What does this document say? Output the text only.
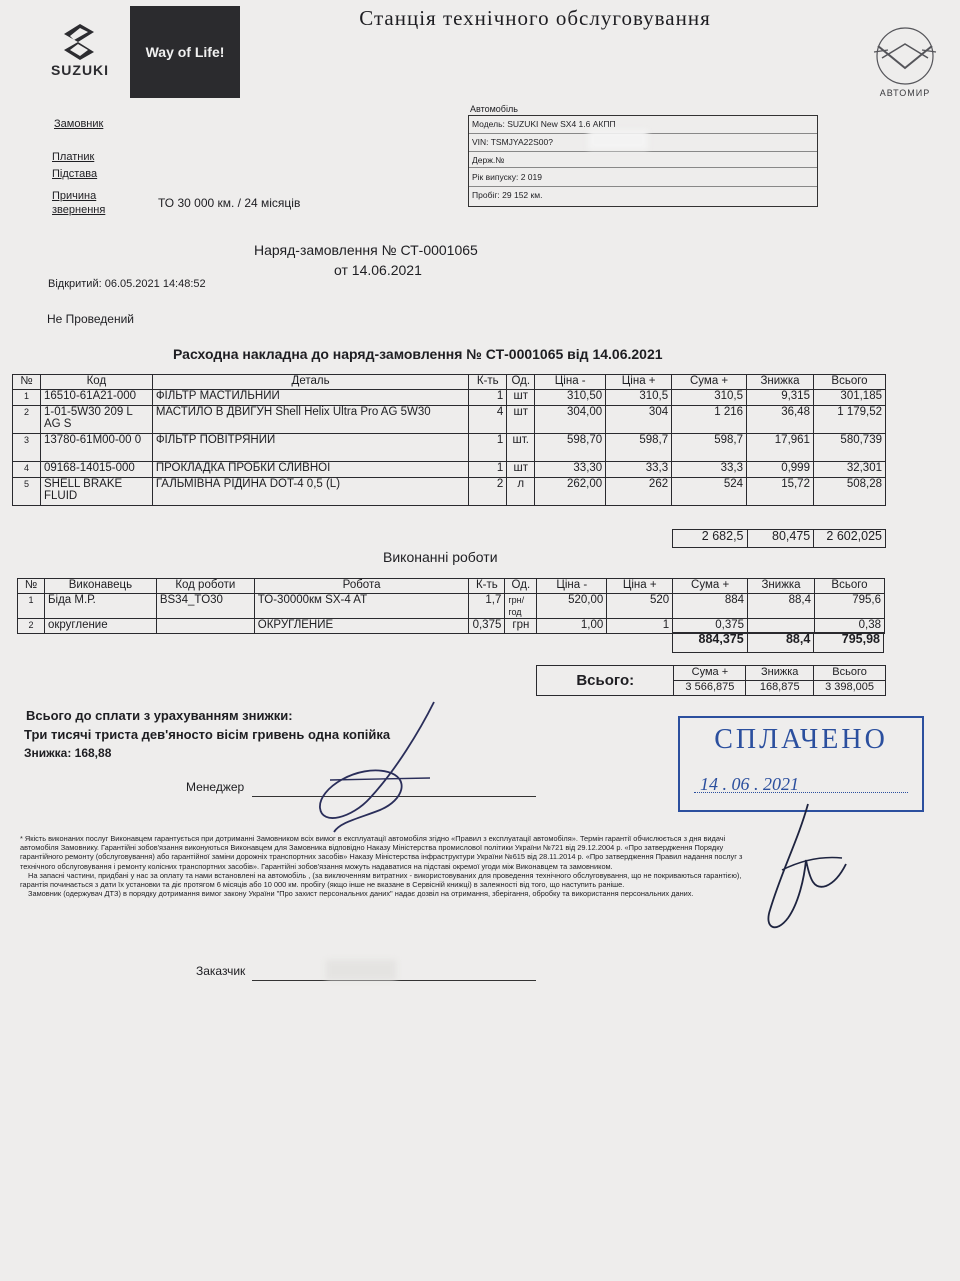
SUZUKI
Way of Life!
Станція технічного обслуговування
АВТОМИР
Замовник
Платник
Підстава
Причина
звернення	ТО 30 000 км. / 24 місяців
Автомобіль
Модель: SUZUKI New SX4 1.6 АКПП
VIN: TSMJYA22S00?
Держ.№
Рік випуску: 2 019
Пробіг: 29 152 км.
Наряд-замовлення № СТ-0001065
от 14.06.2021
Відкритий: 06.05.2021 14:48:52
Не Проведений
Расходна накладна до наряд-замовлення № СТ-0001065 від 14.06.2021
№	Код	Деталь	К-ть	Од.	Ціна -	Ціна +	Сума +	Знижка	Всього
1	16510-61A21-000	ФІЛЬТР МАСТИЛЬНИЙ	1	шт	310,50	310,5	310,5	9,315	301,185
2	1-01-5W30 209 L AG S	МАСТИЛО В ДВИГУН Shell Helix Ultra Pro AG 5W30	4	шт	304,00	304	1 216	36,48	1 179,52
3	13780-61M00-00 0	ФІЛЬТР ПОВІТРЯНИЙ	1	шт.	598,70	598,7	598,7	17,961	580,739
4	09168-14015-000	ПРОКЛАДКА ПРОБКИ СЛИВНОЇ	1	шт	33,30	33,3	33,3	0,999	32,301
5	SHELL BRAKE FLUID	ГАЛЬМІВНА РІДИНА DOT-4 0,5 (L)	2	л	262,00	262	524	15,72	508,28
2 682,5	80,475	2 602,025
Виконанні роботи
№	Виконавець	Код роботи	Робота	К-ть	Од.	Ціна -	Ціна +	Сума +	Знижка	Всього
1	Біда М.Р.	BS34_TO30	ТО-30000км SX-4 AT	1,7	грн/год	520,00	520	884	88,4	795,6
2	округление		ОКРУГЛЕНИЕ	0,375	грн	1,00	1	0,375		0,38
884,375	88,4	795,98
Всього:	Сума +	Знижка	Всього
	3 566,875	168,875	3 398,005
Всього до сплати з урахуванням знижки:
Три тисячі триста дев'яносто вісім гривень одна копійка
Знижка: 168,88
Менеджер
СПЛАЧЕНО
14 . 06 . 2021

* Якість виконаних послуг Виконавцем гарантується при дотриманні Замовником всіх вимог в експлуатації автомобіля згідно «Правил з експлуатації автомобіля». Термін гарантії обчислюється з дня видачі автомобіля Замовнику. Гарантійні зобов'язання виконуються Виконавцем для Замовника відповідно Наказу Міністерства промислової політики України №721 від 29.12.2004 р. «Про затвердження Порядку гарантійного ремонту (обслуговування) або гарантійної заміни дорожніх транспортних засобів» Наказу Міністерства інфраструктури України №615 від 28.11.2014 р. «Про затвердження Правил надання послуг з технічного обслуговування і ремонту колісних транспортних засобів». Гарантійні зобов'язання можуть надаватися на підставі окремої угоди між Виконавцем та замовником.

На запасні частини, придбані у нас за оплату та нами встановлені на автомобіль , (за виключенням витратних - використовуваних для проведення технічного обслуговування, що не покриваються гарантією), гарантія починається з дати їх установки та діє протягом 6 місяців або 10 000 км. пробігу (якщо інше не вказане в Сервісній книжці) в залежності від того, що наступить раніше.

Замовник (одержувач ДТЗ) в порядку дотримання вимог закону України "Про захист персональних даних" надає дозвіл на отримання, зберігання, обробку та використання персональних даних.

Заказчик
